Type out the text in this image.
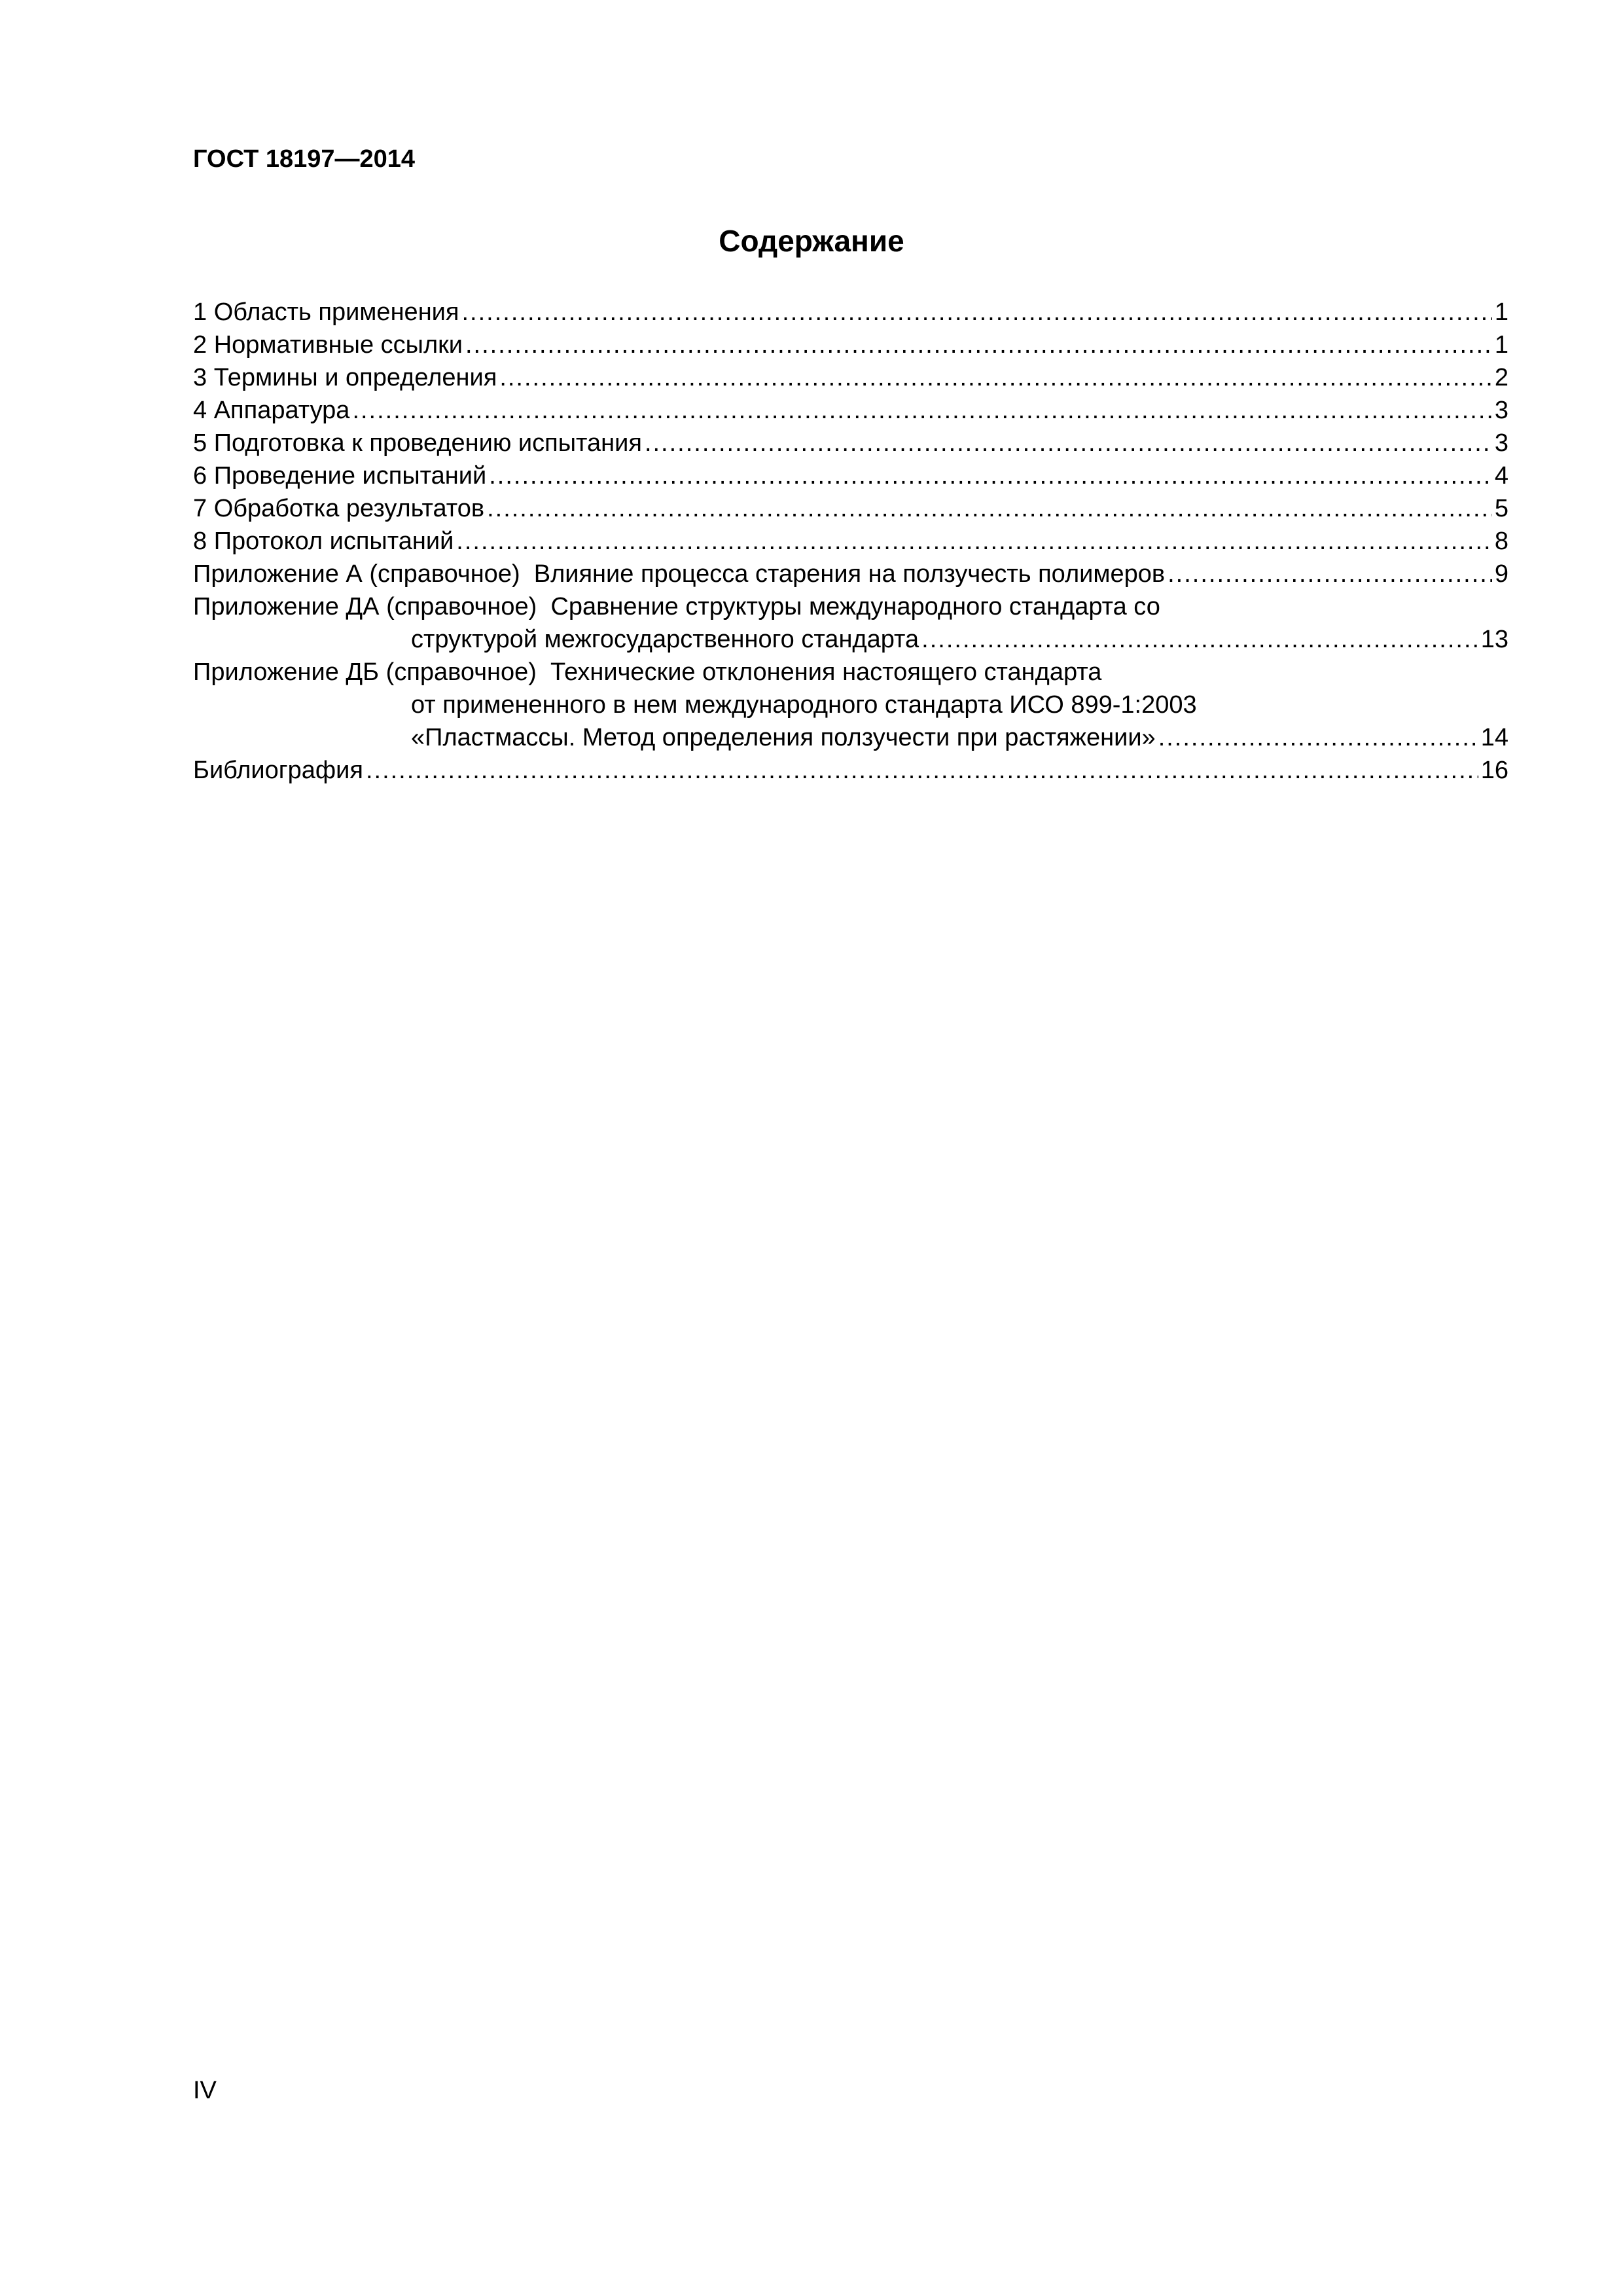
ГОСТ 18197—2014
Содержание
1 Область применения .....	1
2 Нормативные ссылки .....	1
3 Термины и определения .....	2
4 Аппаратура .....	3
5 Подготовка к проведению испытания .....	3
6 Проведение испытаний .....	4
7 Обработка результатов .....	5
8 Протокол испытаний .....	8
Приложение А (справочное)  Влияние процесса старения на ползучесть полимеров .....	9
Приложение ДА (справочное)  Сравнение структуры международного стандарта со
структурой межгосударственного стандарта .....	13
Приложение ДБ (справочное)  Технические отклонения настоящего стандарта
от примененного в нем международного стандарта ИСО 899-1:2003
«Пластмассы. Метод определения ползучести при растяжении» .....	14
Библиография .....	16
IV
